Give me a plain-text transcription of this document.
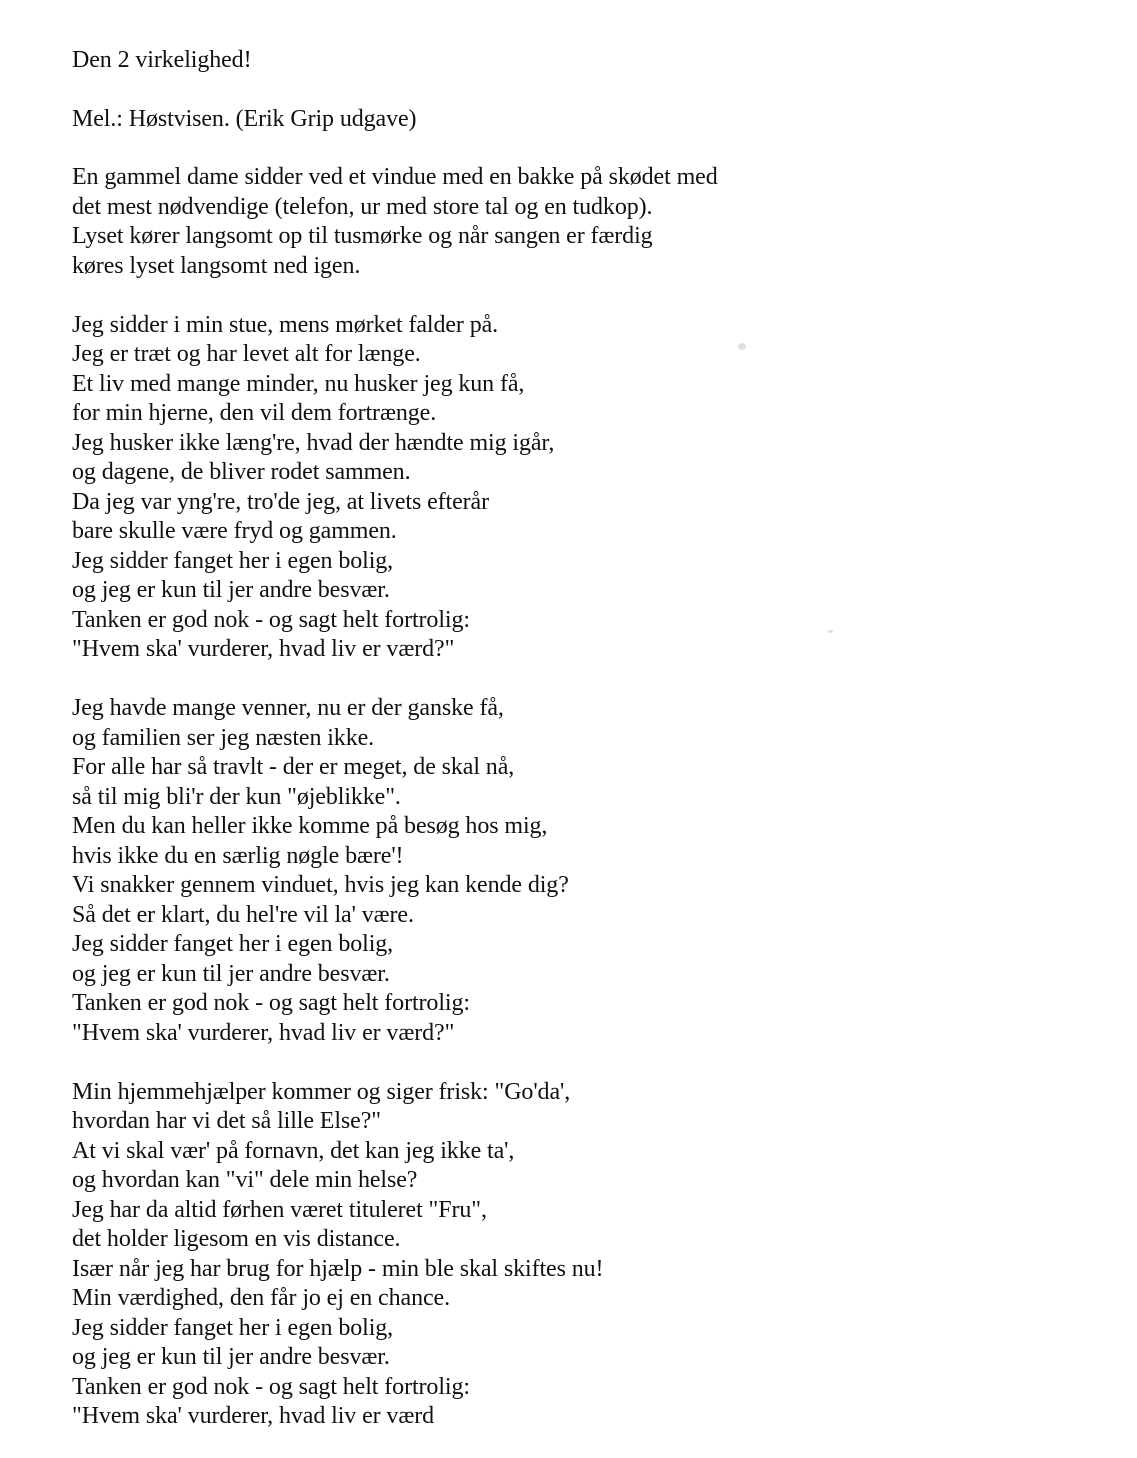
Den 2 virkelighed!
Mel.: Høstvisen. (Erik Grip udgave)
En gammel dame sidder ved et vindue med en bakke på skødet med
det mest nødvendige (telefon, ur med store tal og en tudkop).
Lyset kører langsomt op til tusmørke og når sangen er færdig
køres lyset langsomt ned igen.
Jeg sidder i min stue, mens mørket falder på.
Jeg er træt og har levet alt for længe.
Et liv med mange minder, nu husker jeg kun få,
for min hjerne, den vil dem fortrænge.
Jeg husker ikke læng're, hvad der hændte mig igår,
og dagene, de bliver rodet sammen.
Da jeg var yng're, tro'de jeg, at livets efterår
bare skulle være fryd og gammen.
Jeg sidder fanget her i egen bolig,
og jeg er kun til jer andre besvær.
Tanken er god nok - og sagt helt fortrolig:
"Hvem ska' vurderer, hvad liv er værd?"
Jeg havde mange venner, nu er der ganske få,
og familien ser jeg næsten ikke.
For alle har så travlt - der er meget, de skal nå,
så til mig bli'r der kun "øjeblikke".
Men du kan heller ikke komme på besøg hos mig,
hvis ikke du en særlig nøgle bære'!
Vi snakker gennem vinduet, hvis jeg kan kende dig?
Så det er klart, du hel're vil la' være.
Jeg sidder fanget her i egen bolig,
og jeg er kun til jer andre besvær.
Tanken er god nok - og sagt helt fortrolig:
"Hvem ska' vurderer, hvad liv er værd?"
Min hjemmehjælper kommer og siger frisk: "Go'da',
hvordan har vi det så lille Else?"
At vi skal vær' på fornavn, det kan jeg ikke ta',
og hvordan kan "vi" dele min helse?
Jeg har da altid førhen været tituleret "Fru",
det holder ligesom en vis distance.
Især når jeg har brug for hjælp - min ble skal skiftes nu!
Min værdighed, den får jo ej en chance.
Jeg sidder fanget her i egen bolig,
og jeg er kun til jer andre besvær.
Tanken er god nok - og sagt helt fortrolig:
"Hvem ska' vurderer, hvad liv er værd
